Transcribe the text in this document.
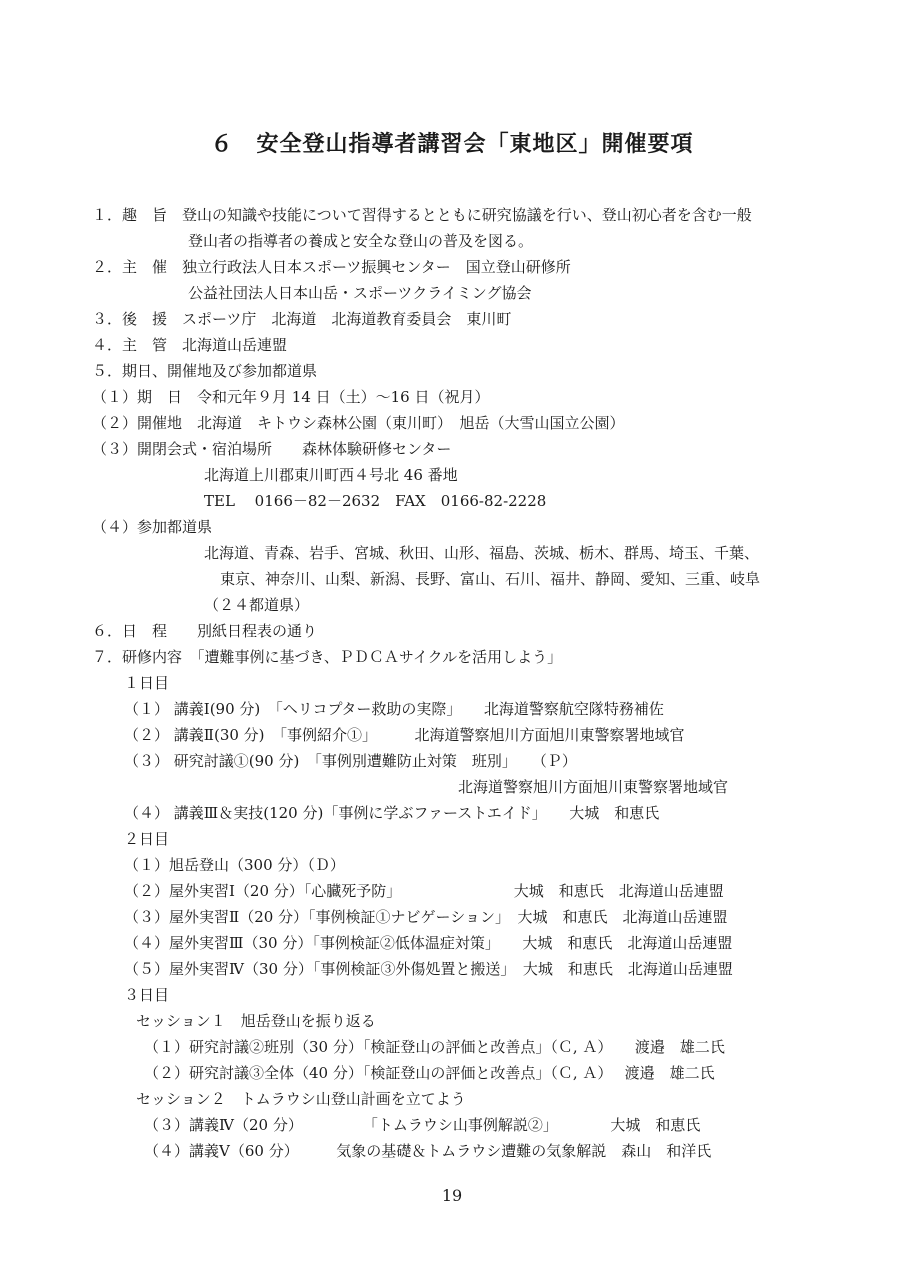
６　安全登山指導者講習会「東地区」開催要項
１．趣　旨　登山の知識や技能について習得するとともに研究協議を行い、登山初心者を含む一般
登山者の指導者の養成と安全な登山の普及を図る。
２．主　催　独立行政法人日本スポーツ振興センター　国立登山研修所
公益社団法人日本山岳・スポーツクライミング協会
３．後　援　スポーツ庁　北海道　北海道教育委員会　東川町
４．主　管　北海道山岳連盟
５．期日、開催地及び参加都道県
（１）期　日　令和元年９月 14 日（土）～16 日（祝月）
（２）開催地　北海道　キトウシ森林公園（東川町）　旭岳（大雪山国立公園）
（３）開閉会式・宿泊場所　　森林体験研修センター
北海道上川郡東川町西４号北 46 番地
TEL　 0166－82－2632　FAX　0166-82-2228
（４）参加都道県
北海道、青森、岩手、宮城、秋田、山形、福島、茨城、栃木、群馬、埼玉、千葉、
東京、神奈川、山梨、新潟、長野、富山、石川、福井、静岡、愛知、三重、岐阜
（２４都道県）
６．日　程　　別紙日程表の通り
７．研修内容　「遭難事例に基づき、ＰＤＣＡサイクルを活用しよう」
１日目
（１） 講義Ⅰ(90 分)　「ヘリコプター救助の実際」　　北海道警察航空隊特務補佐
（２） 講義Ⅱ(30 分)　「事例紹介①」　　　北海道警察旭川方面旭川東警察署地域官
（３） 研究討議①(90 分)　「事例別遭難防止対策　班別」　　（Ｐ）
北海道警察旭川方面旭川東警察署地域官
（４） 講義Ⅲ＆実技(120 分)「事例に学ぶファーストエイド」　　大城　和恵氏
２日目
（１）旭岳登山（300 分）（Ｄ）
（２）屋外実習Ⅰ（20 分）「心臓死予防」　　　　　　　　大城　和恵氏　北海道山岳連盟
（３）屋外実習Ⅱ（20 分）「事例検証①ナビゲーション」　大城　和恵氏　北海道山岳連盟
（４）屋外実習Ⅲ（30 分）「事例検証②低体温症対策」　　大城　和恵氏　北海道山岳連盟
（５）屋外実習Ⅳ（30 分）「事例検証③外傷処置と搬送」　大城　和恵氏　北海道山岳連盟
３日目
セッション１　旭岳登山を振り返る
（１）研究討議②班別（30 分）「検証登山の評価と改善点」（Ｃ, Ａ）　　渡邉　雄二氏
（２）研究討議③全体（40 分）「検証登山の評価と改善点」（Ｃ, Ａ）　 渡邉　雄二氏
セッション２　トムラウシ山登山計画を立てよう
（３）講義Ⅳ（20 分）　　　　　「トムラウシ山事例解説②」　　　　大城　和恵氏
（４）講義Ⅴ（60 分）　　　気象の基礎＆トムラウシ遭難の気象解説　森山　和洋氏
19
